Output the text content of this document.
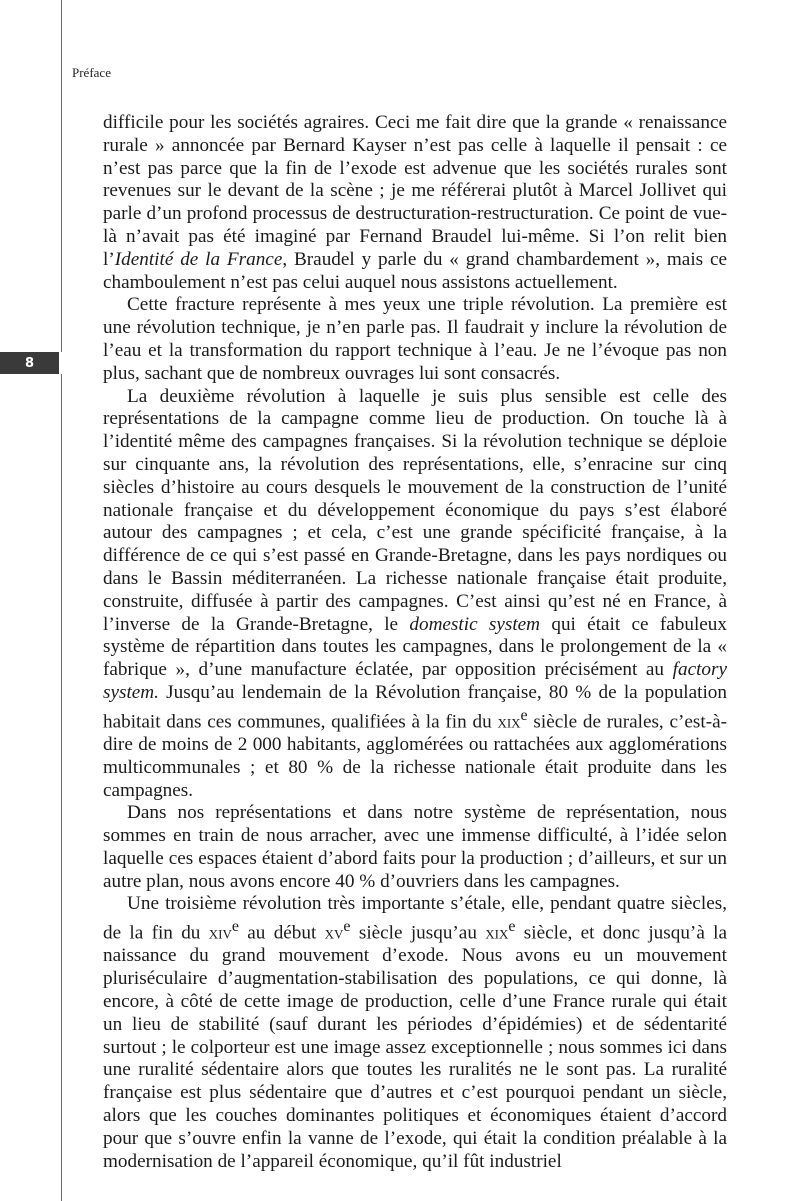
Préface
8

difficile pour les sociétés agraires. Ceci me fait dire que la grande « renaissance rurale » annoncée par Bernard Kayser n’est pas celle à laquelle il pensait : ce n’est pas parce que la fin de l’exode est advenue que les sociétés rurales sont revenues sur le devant de la scène ; je me référerai plutôt à Marcel Jollivet qui parle d’un profond processus de destructuration-restructuration. Ce point de vue-là n’avait pas été imaginé par Fernand Braudel lui-même. Si l’on relit bien l’Identité de la France, Braudel y parle du « grand chambardement », mais ce chamboulement n’est pas celui auquel nous assistons actuellement.

Cette fracture représente à mes yeux une triple révolution. La première est une révolution technique, je n’en parle pas. Il faudrait y inclure la révolution de l’eau et la transformation du rapport technique à l’eau. Je ne l’évoque pas non plus, sachant que de nombreux ouvrages lui sont consacrés.

La deuxième révolution à laquelle je suis plus sensible est celle des représentations de la campagne comme lieu de production. On touche là à l’identité même des campagnes françaises. Si la révolution technique se déploie sur cinquante ans, la révolution des représentations, elle, s’enracine sur cinq siècles d’histoire au cours desquels le mouvement de la construction de l’unité nationale française et du développement économique du pays s’est élaboré autour des campagnes ; et cela, c’est une grande spécificité française, à la différence de ce qui s’est passé en Grande-Bretagne, dans les pays nordiques ou dans le Bassin méditerranéen. La richesse nationale française était produite, construite, diffusée à partir des campagnes. C’est ainsi qu’est né en France, à l’inverse de la Grande-Bretagne, le domestic system qui était ce fabuleux système de répartition dans toutes les campagnes, dans le prolongement de la « fabrique », d’une manufacture éclatée, par opposition précisément au factory system. Jusqu’au lendemain de la Révolution française, 80 % de la population habitait dans ces communes, qualifiées à la fin du xix$^e$ siècle de rurales, c’est-à-dire de moins de 2 000 habitants, agglomérées ou rattachées aux agglomérations multicommunales ; et 80 % de la richesse nationale était produite dans les campagnes.

Dans nos représentations et dans notre système de représentation, nous sommes en train de nous arracher, avec une immense difficulté, à l’idée selon laquelle ces espaces étaient d’abord faits pour la production ; d’ailleurs, et sur un autre plan, nous avons encore 40 % d’ouvriers dans les campagnes.

Une troisième révolution très importante s’étale, elle, pendant quatre siècles, de la fin du xiv$^e$ au début $xv^e$ siècle jusqu’au xix$^e$ siècle, et donc jusqu’à la naissance du grand mouvement d’exode. Nous avons eu un mouvement pluriséculaire d’augmentation-stabilisation des populations, ce qui donne, là encore, à côté de cette image de production, celle d’une France rurale qui était un lieu de stabilité (sauf durant les périodes d’épidémies) et de sédentarité surtout ; le colporteur est une image assez exceptionnelle ; nous sommes ici dans une ruralité sédentaire alors que toutes les ruralités ne le sont pas. La ruralité française est plus sédentaire que d’autres et c’est pourquoi pendant un siècle, alors que les couches dominantes politiques et économiques étaient d’accord pour que s’ouvre enfin la vanne de l’exode, qui était la condition préalable à la modernisation de l’appareil économique, qu’il fût industriel
